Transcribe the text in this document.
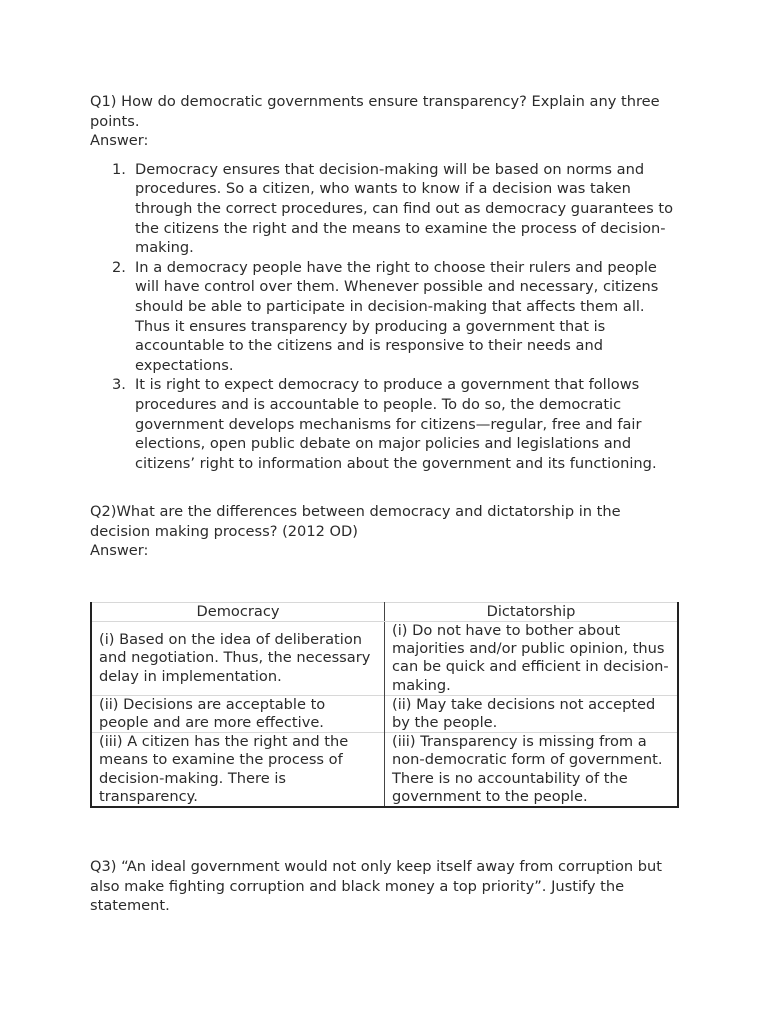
Q1) How do democratic governments ensure transparency? Explain any three points.

Answer:

1. Democracy ensures that decision-making will be based on norms and procedures. So a citizen, who wants to know if a decision was taken through the correct procedures, can find out as democracy guarantees to the citizens the right and the means to examine the process of decision-making.
2. In a democracy people have the right to choose their rulers and people will have control over them. Whenever possible and necessary, citizens should be able to participate in decision-making that affects them all. Thus it ensures transparency by producing a government that is accountable to the citizens and is responsive to their needs and expectations.
3. It is right to expect democracy to produce a government that follows procedures and is accountable to people. To do so, the democratic government develops mechanisms for citizens—regular, free and fair elections, open public debate on major policies and legislations and citizens’ right to information about the government and its functioning.

Q2)What are the differences between democracy and dictatorship in the decision making process? (2012 OD)

Answer:

Democracy	Dictatorship
(i) Based on the idea of deliberation and negotiation. Thus, the necessary delay in implementation.	(i) Do not have to bother about majorities and/or public opinion, thus can be quick and efficient in decision-making.
(ii) Decisions are acceptable to people and are more effective.	(ii) May take decisions not accepted by the people.
(iii) A citizen has the right and the means to examine the process of decision-making. There is transparency.	(iii) Transparency is missing from a non-democratic form of government. There is no accountability of the government to the people.

Q3) “An ideal government would not only keep itself away from corruption but also make fighting corruption and black money a top priority”. Justify the statement.
